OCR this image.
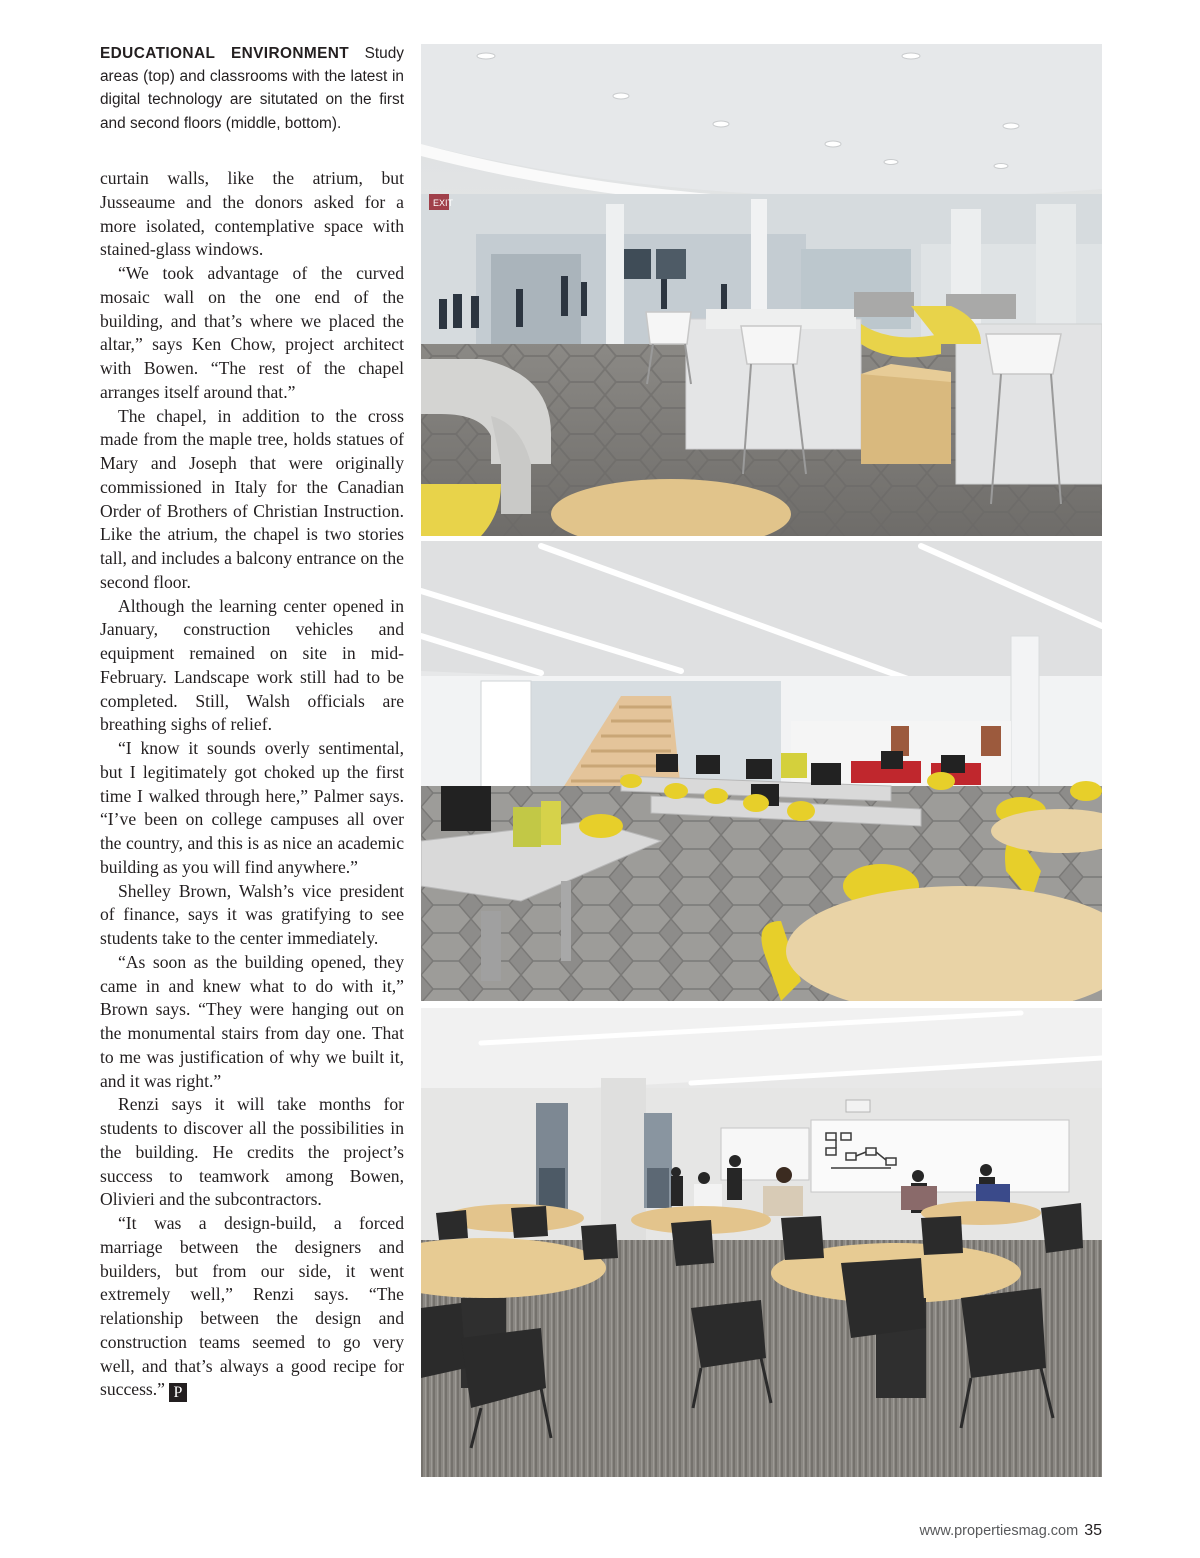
EDUCATIONAL ENVIRONMENT Study areas (top) and classrooms with the latest in digital technology are situtated on the first and second floors (middle, bottom).

curtain walls, like the atrium, but Jusseaume and the donors asked for a more isolated, contemplative space with stained-glass windows.

“We took advantage of the curved mosaic wall on the one end of the building, and that’s where we placed the altar,” says Ken Chow, project architect with Bowen. “The rest of the chapel arranges itself around that.”

The chapel, in addition to the cross made from the maple tree, holds statues of Mary and Joseph that were originally commissioned in Italy for the Canadian Order of Brothers of Christian Instruction. Like the atrium, the chapel is two stories tall, and includes a balcony entrance on the second floor.

Although the learning center opened in January, construction vehicles and equipment remained on site in mid-February. Landscape work still had to be completed. Still, Walsh officials are breathing sighs of relief.

“I know it sounds overly sentimental, but I legitimately got choked up the first time I walked through here,” Palmer says. “I’ve been on college campuses all over the country, and this is as nice an academic building as you will find anywhere.”

Shelley Brown, Walsh’s vice president of finance, says it was gratifying to see students take to the center immediately.

“As soon as the building opened, they came in and knew what to do with it,” Brown says. “They were hanging out on the monumental stairs from day one. That to me was justification of why we built it, and it was right.”

Renzi says it will take months for students to discover all the possibilities in the building. He credits the project’s success to teamwork among Bowen, Olivieri and the subcontractors.

“It was a design-build, a forced marriage between the designers and builders, but from our side, it went extremely well,” Renzi says. “The relationship between the design and construction teams seemed to go very well, and that’s always a good recipe for success.” P

EXIT
www.propertiesmag.com 35
